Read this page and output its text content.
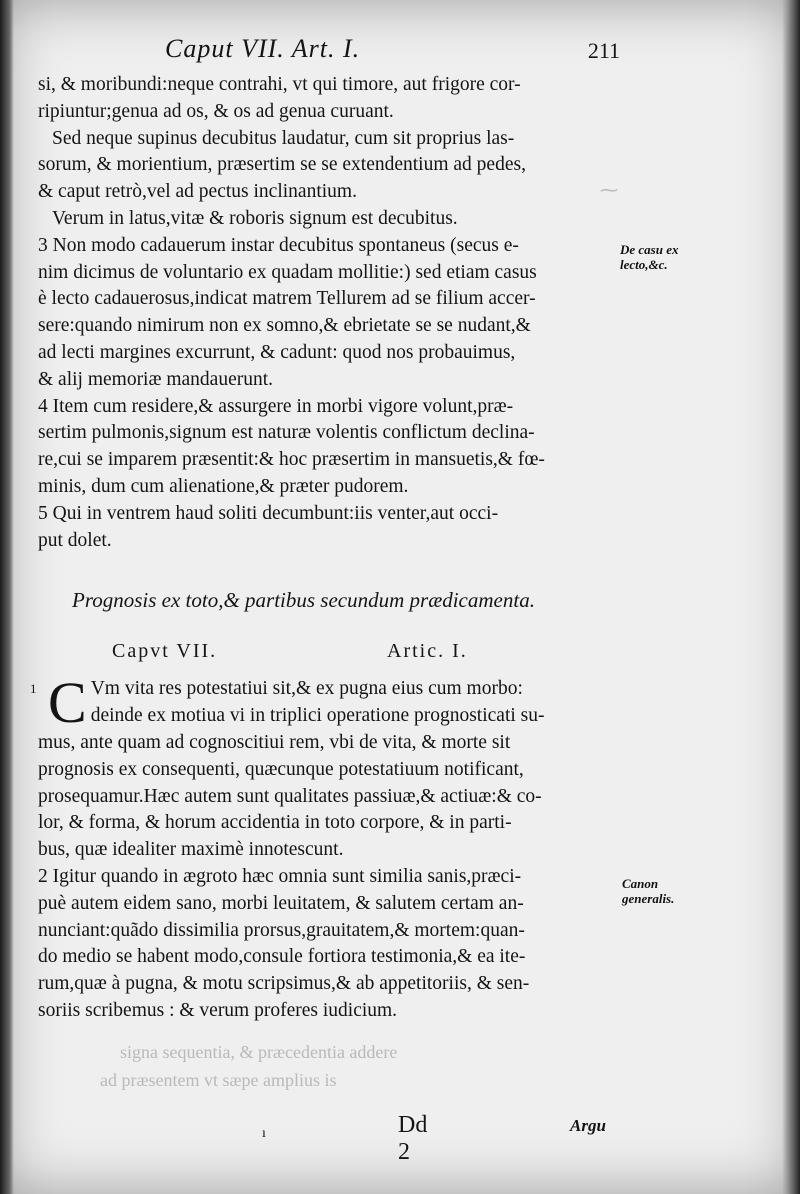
Caput VII. Art. I.	211
⁓
si, & moribundi:neque contrahi, vt qui timore, aut frigore cor-
ripiuntur;genua ad os, & os ad genua curuant.
Sed neque supinus decubitus laudatur, cum sit proprius las-
sorum, & morientium, præsertim se se extendentium ad pedes,
& caput retrò,vel ad pectus inclinantium.
Verum in latus,vitæ & roboris signum est decubitus.
3 Non modo cadauerum instar decubitus spontaneus (secus e-
nim dicimus de voluntario ex quadam mollitie:) sed etiam casus
è lecto cadauerosus,indicat matrem Tellurem ad se filium accer-
sere:quando nimirum non ex somno,& ebrietate se se nudant,&
ad lecti margines excurrunt, & cadunt: quod nos probauimus,
& alij memoriæ mandauerunt.
4 Item cum residere,& assurgere in morbi vigore volunt,præ-
sertim pulmonis,signum est naturæ volentis conflictum declina-
re,cui se imparem præsentit:& hoc præsertim in mansuetis,& fœ-
minis, dum cum alienatione,& præter pudorem.
5 Qui in ventrem haud soliti decumbunt:iis venter,aut occi-
put dolet.
De casu ex lecto,&c.
Prognosis ex toto,& partibus secundum prædicamenta.
Capvt VII.	Artic. I.
1 C Vm vita res potestatiui sit,& ex pugna eius cum morbo:
deinde ex motiua vi in triplici operatione prognosticati su-
mus, ante quam ad cognoscitiui rem, vbi de vita, & morte sit
prognosis ex consequenti, quæcunque potestatiuum notificant,
prosequamur.Hæc autem sunt qualitates passiuæ,& actiuæ:& co-
lor, & forma, & horum accidentia in toto corpore, & in parti-
bus, quæ idealiter maximè innotescunt.
2 Igitur quando in ægroto hæc omnia sunt similia sanis,præci-
puè autem eidem sano, morbi leuitatem, & salutem certam an-
nunciant:quãdo dissimilia prorsus,grauitatem,& mortem:quan-
do medio se habent modo,consule fortiora testimonia,& ea ite-
rum,quæ à pugna, & motu scripsimus,& ab appetitoriis, & sen-
soriis scribemus : & verum proferes iudicium.
Canon generalis.
signa sequentia, & præcedentia addere
ad præsentem vt sæpe amplius is
ı	Dd 2
Argu
